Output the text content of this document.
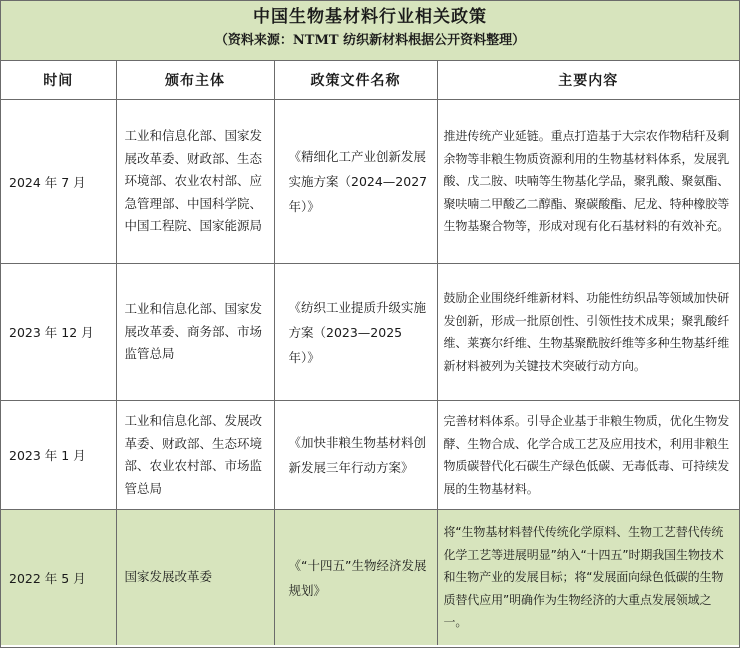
中国生物基材料行业相关政策
（资料来源：NTMT 纺织新材料根据公开资料整理）
时间	颁布主体	政策文件名称	主要内容
2024 年 7 月	工业和信息化部、国家发展改革委、财政部、生态环境部、农业农村部、应急管理部、中国科学院、中国工程院、国家能源局	《精细化工产业创新发展实施方案（2024—2027 年）》	推进传统产业延链。重点打造基于大宗农作物秸秆及剩余物等非粮生物质资源利用的生物基材料体系，发展乳酸、戊二胺、呋喃等生物基化学品，聚乳酸、聚氨酯、聚呋喃二甲酸乙二醇酯、聚碳酸酯、尼龙、特种橡胶等生物基聚合物等，形成对现有化石基材料的有效补充。
2023 年 12 月	工业和信息化部、国家发展改革委、商务部、市场监管总局	《纺织工业提质升级实施方案（2023—2025 年）》	鼓励企业围绕纤维新材料、功能性纺织品等领域加快研发创新，形成一批原创性、引领性技术成果；聚乳酸纤维、莱赛尔纤维、生物基聚酰胺纤维等多种生物基纤维新材料被列为关键技术突破行动方向。
2023 年 1 月	工业和信息化部、发展改革委、财政部、生态环境部、农业农村部、市场监管总局	《加快非粮生物基材料创新发展三年行动方案》	完善材料体系。引导企业基于非粮生物质，优化生物发酵、生物合成、化学合成工艺及应用技术，利用非粮生物质碳替代化石碳生产绿色低碳、无毒低毒、可持续发展的生物基材料。
2022 年 5 月	国家发展改革委	《“十四五”生物经济发展规划》	将“生物基材料替代传统化学原料、生物工艺替代传统化学工艺等进展明显”纳入“十四五”时期我国生物技术和生物产业的发展目标；将“发展面向绿色低碳的生物质替代应用”明确作为生物经济的大重点发展领域之一。
